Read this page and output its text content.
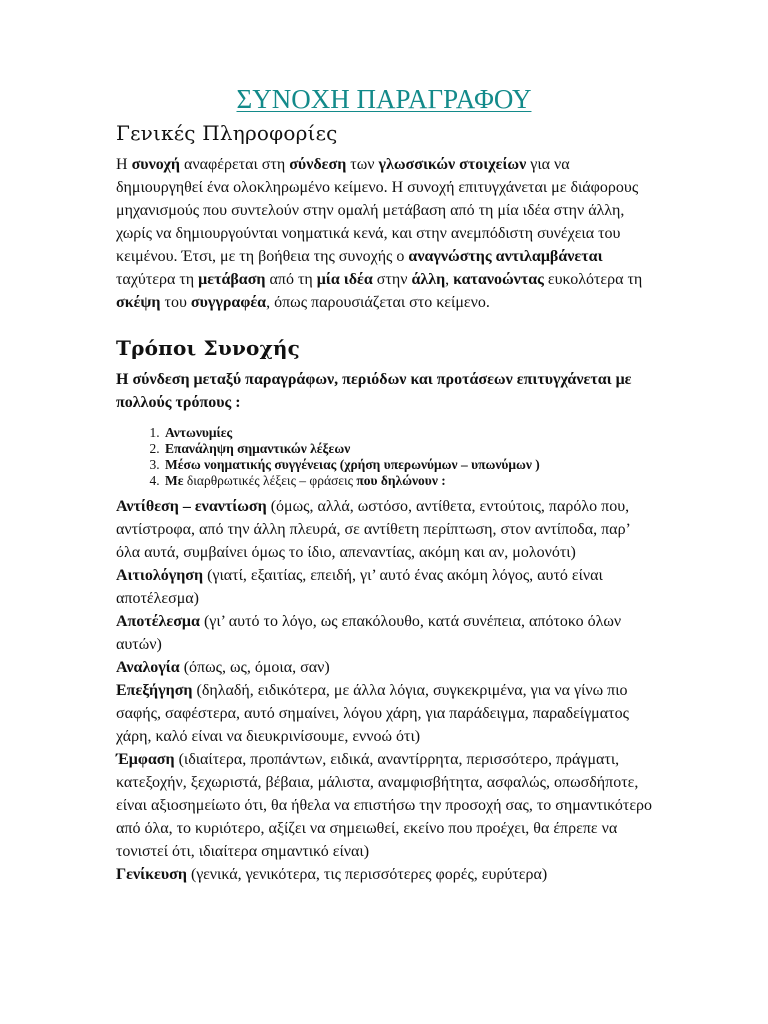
ΣΥΝΟΧΗ ΠΑΡΑΓΡΑΦΟΥ
Γενικές Πληροφορίες
Η συνοχή αναφέρεται στη σύνδεση των γλωσσικών στοιχείων για να δημιουργηθεί ένα ολοκληρωμένο κείμενο. Η συνοχή επιτυγχάνεται με διάφορους μηχανισμούς που συντελούν στην ομαλή μετάβαση από τη μία ιδέα στην άλλη, χωρίς να δημιουργούνται νοηματικά κενά, και στην ανεμπόδιστη συνέχεια του κειμένου. Έτσι, με τη βοήθεια της συνοχής ο αναγνώστης αντιλαμβάνεται ταχύτερα τη μετάβαση από τη μία ιδέα στην άλλη, κατανοώντας ευκολότερα τη σκέψη του συγγραφέα, όπως παρουσιάζεται στο κείμενο.
Τρόποι Συνοχής
Η σύνδεση μεταξύ παραγράφων, περιόδων και προτάσεων επιτυγχάνεται με πολλούς τρόπους :
1. Αντωνυμίες
2. Επανάληψη σημαντικών λέξεων
3. Μέσω νοηματικής συγγένειας (χρήση υπερωνύμων – υπωνύμων )
4. Με διαρθρωτικές λέξεις – φράσεις που δηλώνουν :
Αντίθεση – εναντίωση (όμως, αλλά, ωστόσο, αντίθετα, εντούτοις, παρόλο που, αντίστροφα, από την άλλη πλευρά, σε αντίθετη περίπτωση, στον αντίποδα, παρ’ όλα αυτά, συμβαίνει όμως το ίδιο, απεναντίας, ακόμη και αν, μολονότι)
Αιτιολόγηση (γιατί, εξαιτίας, επειδή, γι’ αυτό ένας ακόμη λόγος, αυτό είναι αποτέλεσμα)
Αποτέλεσμα (γι’ αυτό το λόγο, ως επακόλουθο, κατά συνέπεια, απότοκο όλων αυτών)
Αναλογία (όπως, ως, όμοια, σαν)
Επεξήγηση (δηλαδή, ειδικότερα, με άλλα λόγια, συγκεκριμένα, για να γίνω πιο σαφής, σαφέστερα, αυτό σημαίνει, λόγου χάρη, για παράδειγμα, παραδείγματος χάρη, καλό είναι να διευκρινίσουμε, εννοώ ότι)
Έμφαση (ιδιαίτερα, προπάντων, ειδικά, αναντίρρητα, περισσότερο, πράγματι, κατεξοχήν, ξεχωριστά, βέβαια, μάλιστα, αναμφισβήτητα, ασφαλώς, οπωσδήποτε, είναι αξιοσημείωτο ότι, θα ήθελα να επιστήσω την προσοχή σας, το σημαντικότερο από όλα, το κυριότερο, αξίζει να σημειωθεί, εκείνο που προέχει, θα έπρεπε να τονιστεί ότι, ιδιαίτερα σημαντικό είναι)
Γενίκευση (γενικά, γενικότερα, τις περισσότερες φορές, ευρύτερα)
